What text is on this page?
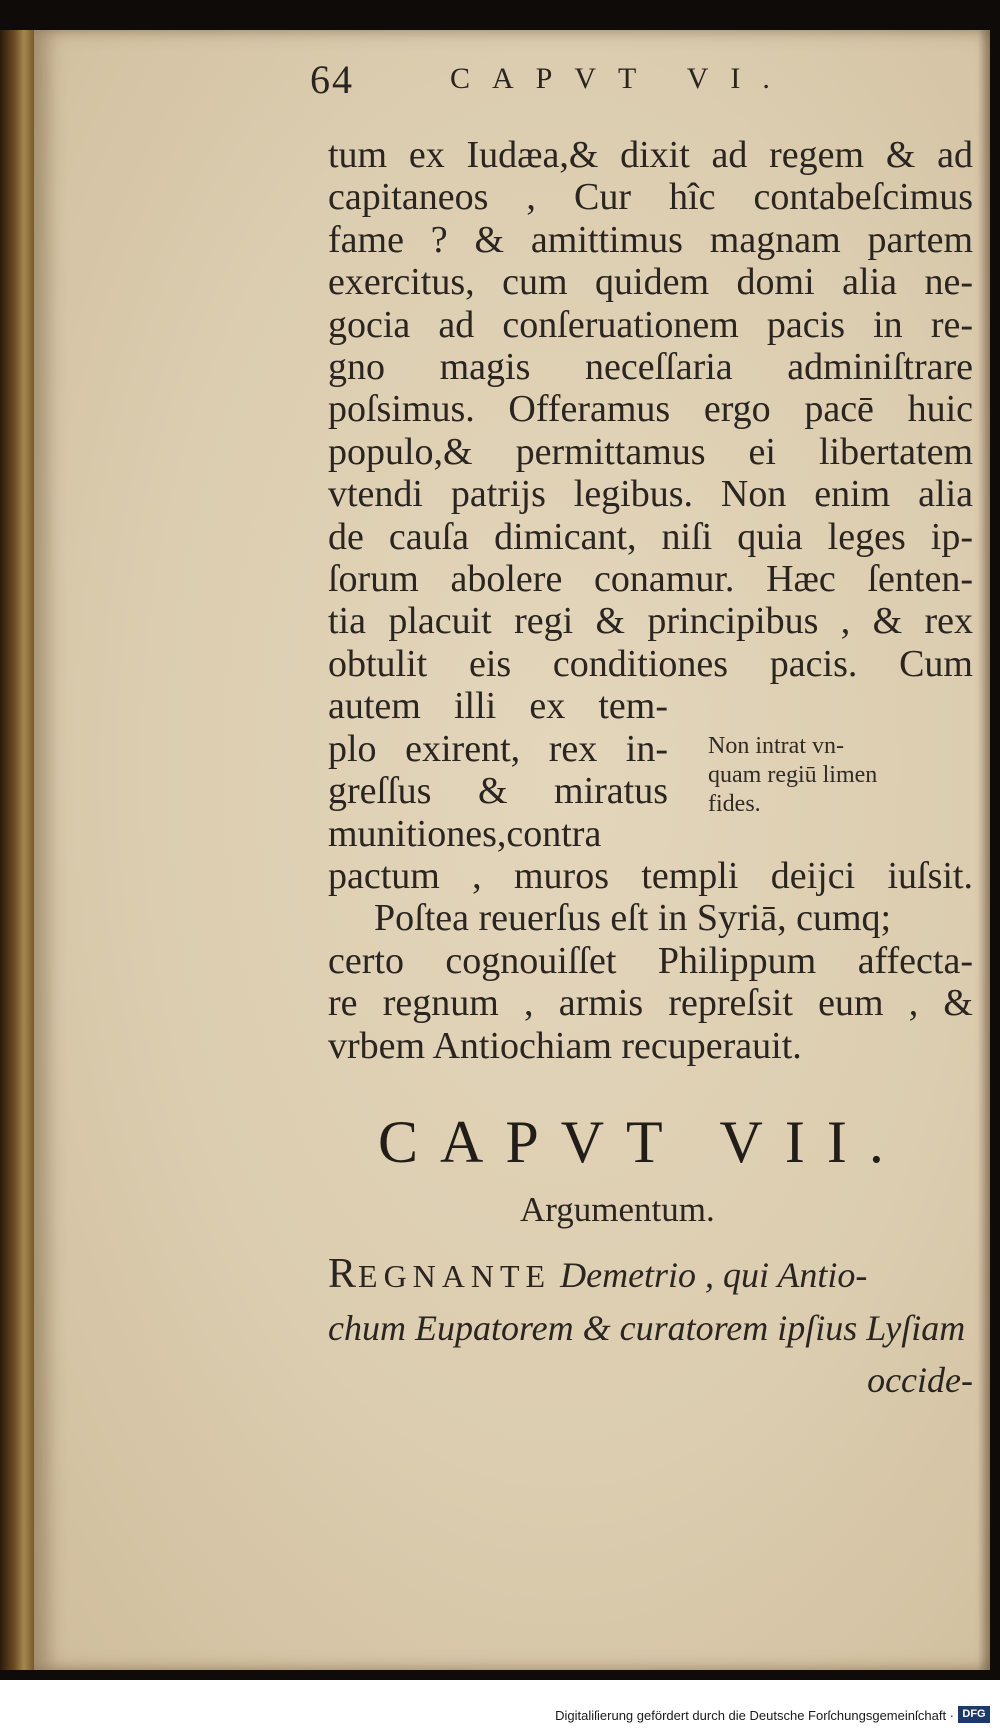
64	CAPVT VI.
tum ex Iudæa,& dixit ad regem & ad
capitaneos , Cur hîc contabeſcimus
fame ? & amittimus magnam partem
exercitus, cum quidem domi alia ne-
gocia ad conſeruationem pacis in re-
gno magis neceſſaria adminiſtrare
poſsimus. Offeramus ergo pacē huic
populo,& permittamus ei libertatem
vtendi patrijs legibus. Non enim alia
de cauſa dimicant, niſi quia leges ip-
ſorum abolere conamur. Hæc ſenten-
tia placuit regi & principibus , & rex
obtulit eis conditiones pacis. Cum
autem illi ex tem-
plo exirent, rex in-
greſſus & miratus
munitiones,contra
pactum , muros templi deijci iuſsit.
Poſtea reuerſus eſt in Syriā, cumq;
certo cognouiſſet Philippum affecta-
re regnum , armis repreſsit eum , &
vrbem Antiochiam recuperauit.
Non intrat vn-
quam regiū limen
fides.
CAPVT VII.
Argumentum.
REGNANTE Demetrio , qui Antio-
chum Eupatorem & curatorem ipſius Lyſiam
occide-
Digitaliſierung gefördert durch die Deutsche Forſchungsgemeinſchaft · DFG
